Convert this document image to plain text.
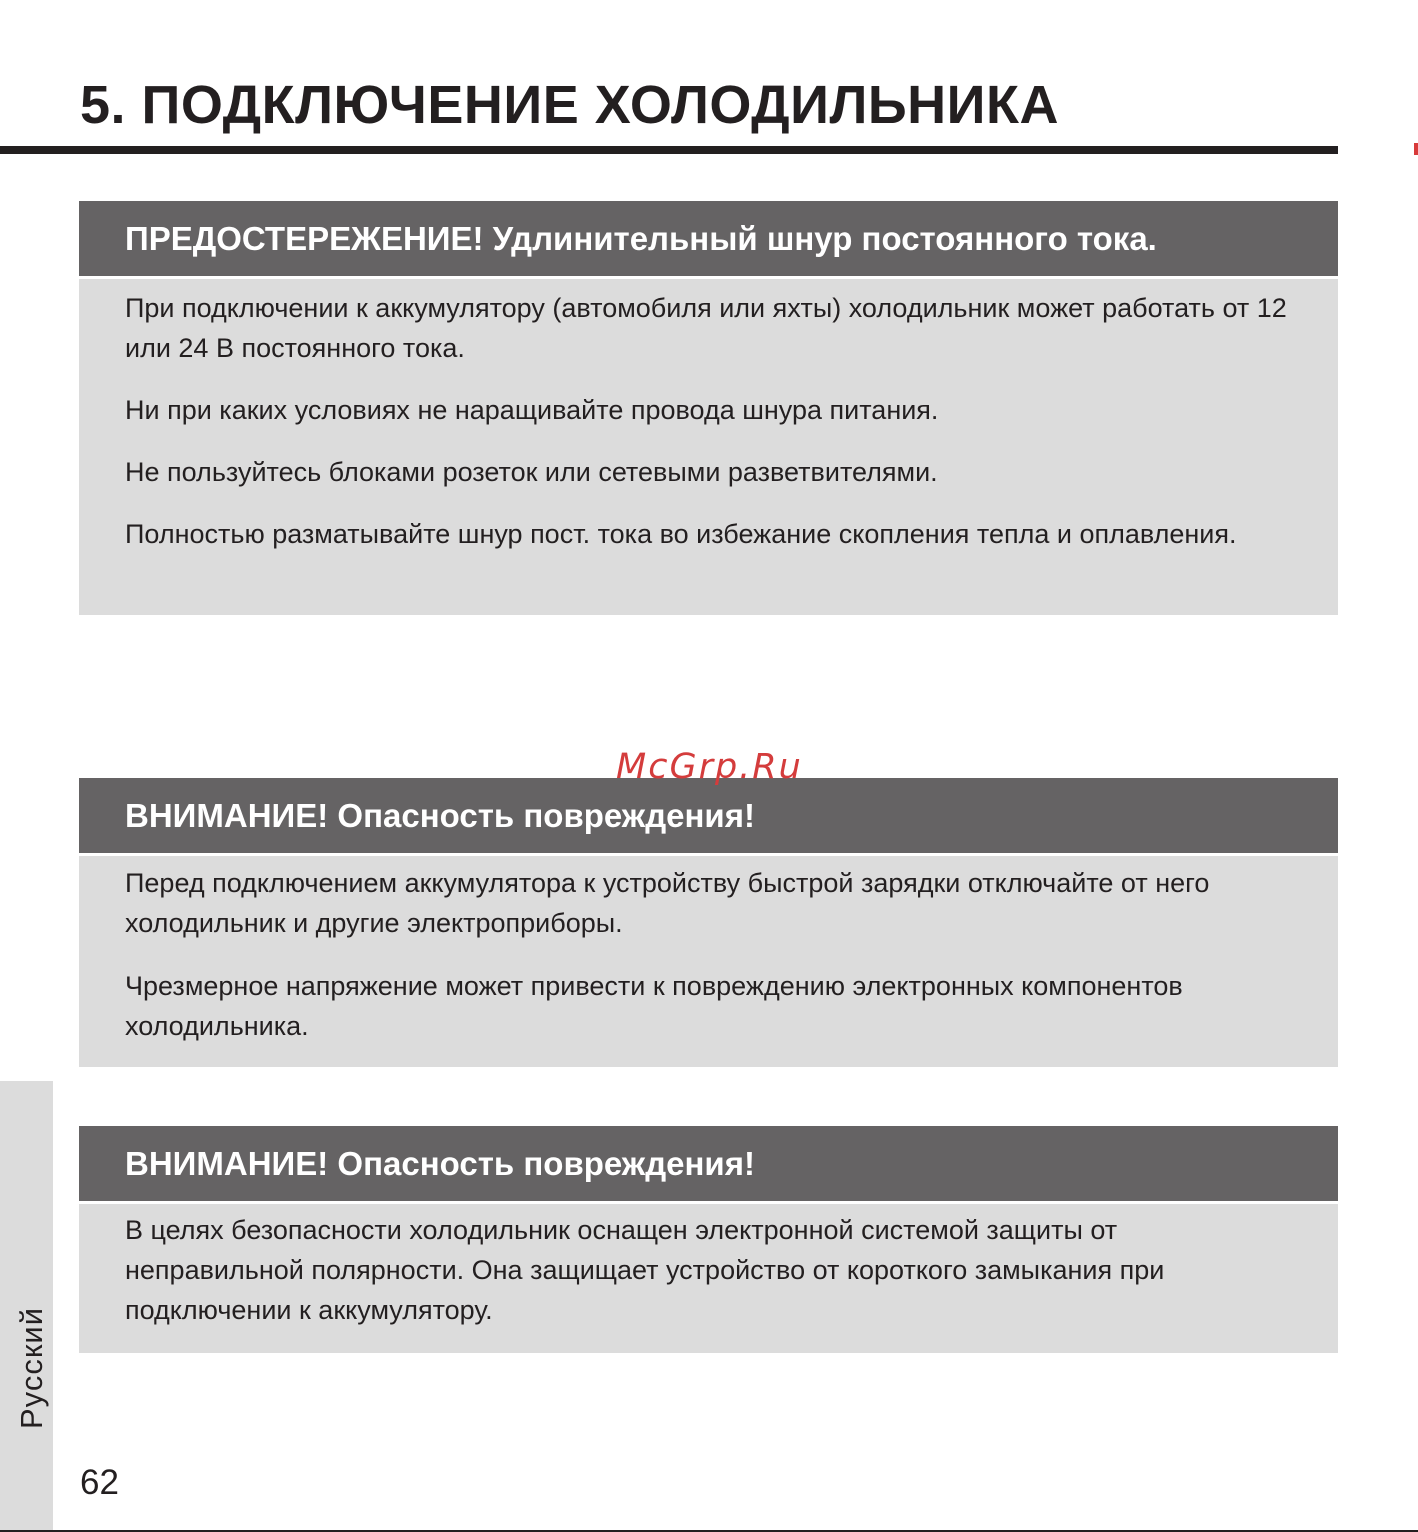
5. ПОДКЛЮЧЕНИЕ ХОЛОДИЛЬНИКА
ПРЕДОСТЕРЕЖЕНИЕ! Удлинительный шнур постоянного тока.

При подключении к аккумулятору (автомобиля или яхты) холодильник может работать от 12 или 24 В постоянного тока.

Ни при каких условиях не наращивайте провода шнура питания.

Не пользуйтесь блоками розеток или сетевыми разветвителями.

Полностью разматывайте шнур пост. тока во избежание скопления тепла и оплавления.

ВНИМАНИЕ! Опасность повреждения!

Перед подключением аккумулятора к устройству быстрой зарядки отключайте от него холодильник и другие электроприборы.

Чрезмерное напряжение может привести к повреждению электронных компонентов холодильника.

ВНИМАНИЕ! Опасность повреждения!

В целях безопасности холодильник оснащен электронной системой защиты от неправильной полярности. Она защищает устройство от короткого замыкания при подключении к аккумулятору.

McGrp.Ru
Русский
62
